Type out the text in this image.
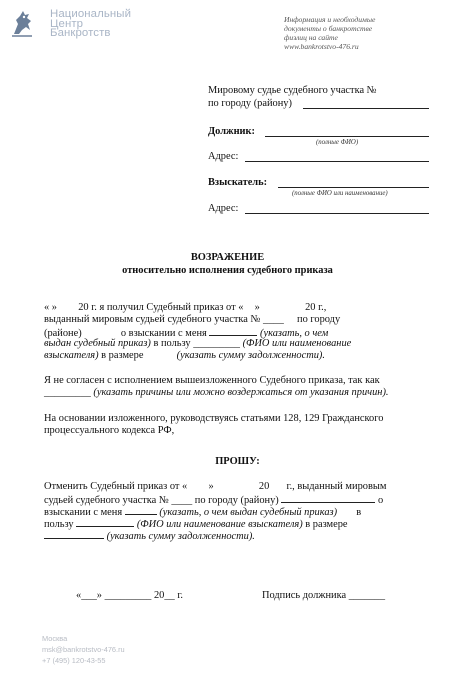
Национальный
Центр
Банкротств
Информация и необходимые
документы о банкротстве
физлиц на сайте
www.bankrotstvo-476.ru
Мировому судье судебного участка №
по городу (району)
Должник:
(полные ФИО)
Адрес:
Взыскатель:
(полные ФИО или наименование)
Адрес:
ВОЗРАЖЕНИЕ
относительно исполнения судебного приказа
« » 20 г. я получил Судебный приказ от « »	20 г.,
выданный мировым судьей судебного участка № ____ по городу
(районе)	о взыскании с меня	(указать, о чем
выдан судебный приказ) в пользу _________ (ФИО или наименование
взыскателя) в размере	(указать сумму задолженности).
Я не согласен с исполнением вышеизложенного Судебного приказа, так как
_________ (указать причины или можно воздержаться от указания причин).
На основании изложенного, руководствуясь статьями 128, 129 Гражданского
процессуального кодекса РФ,
ПРОШУ:
Отменить Судебный приказ от « »	20 г., выданный мировым
судьей судебного участка № ____ по городу (району)	о
взыскании с меня	(указать, о чем выдан судебный приказ) в
пользу	(ФИО или наименование взыскателя) в размере
(указать сумму задолженности).
«___» _________ 20__ г.	Подпись должника _______
Москва
msk@bankrotstvo-476.ru
+7 (495) 120-43-55
